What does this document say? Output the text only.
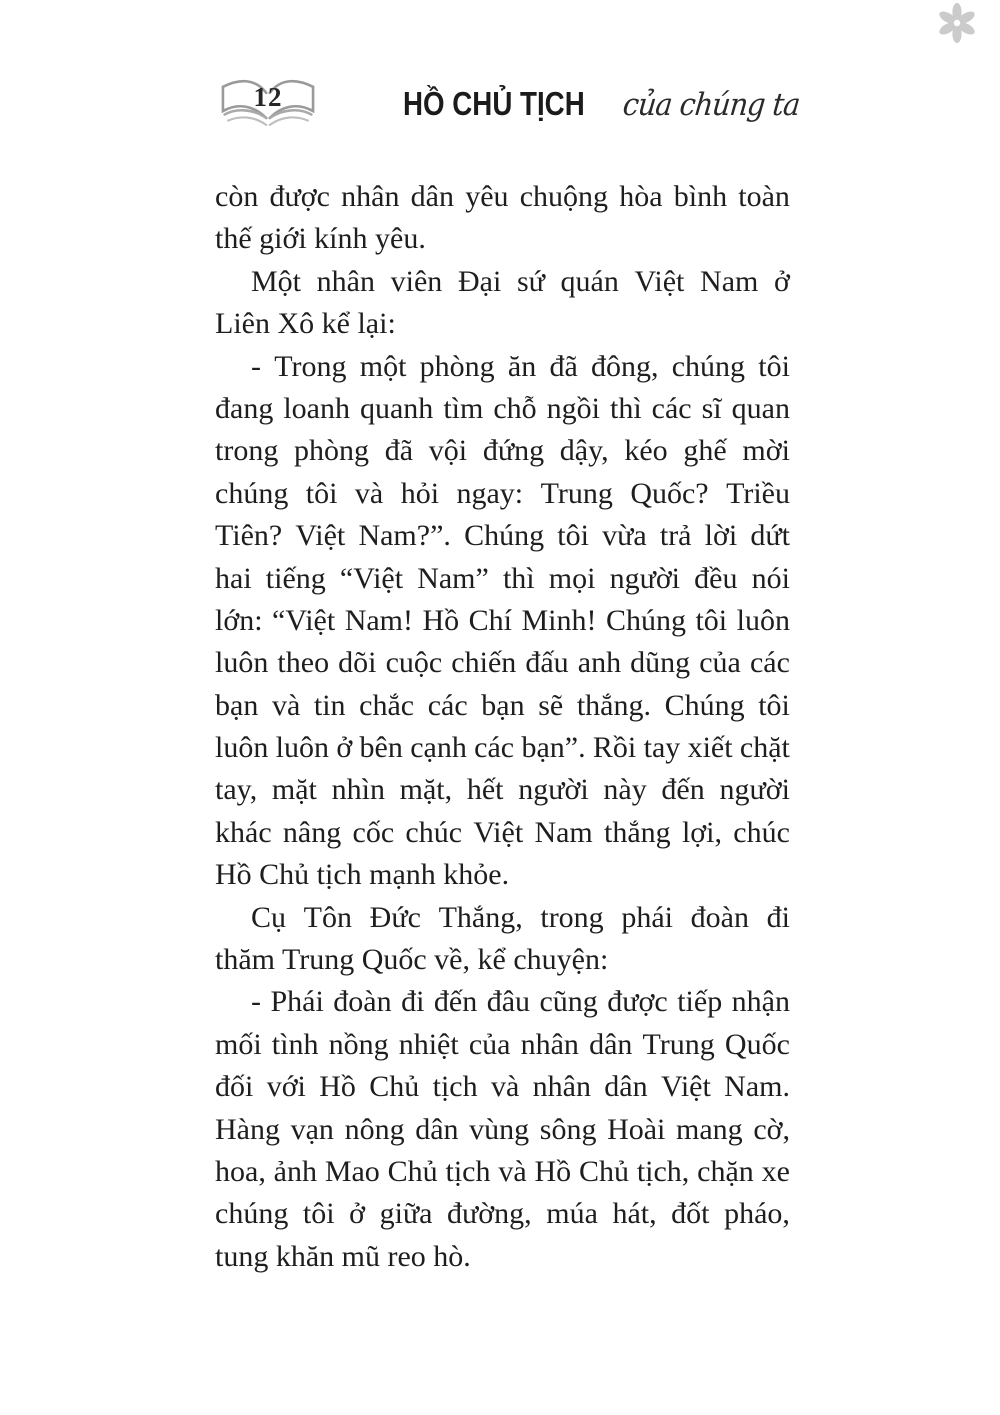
12	HỒ CHỦ TỊCH của chúng ta
còn được nhân dân yêu chuộng hòa bình toàn
thế giới kính yêu.
Một nhân viên Đại sứ quán Việt Nam ở
Liên Xô kể lại:
- Trong một phòng ăn đã đông, chúng tôi
đang loanh quanh tìm chỗ ngồi thì các sĩ quan
trong phòng đã vội đứng dậy, kéo ghế mời
chúng tôi và hỏi ngay: Trung Quốc? Triều
Tiên? Việt Nam?”. Chúng tôi vừa trả lời dứt
hai tiếng “Việt Nam” thì mọi người đều nói
lớn: “Việt Nam! Hồ Chí Minh! Chúng tôi luôn
luôn theo dõi cuộc chiến đấu anh dũng của các
bạn và tin chắc các bạn sẽ thắng. Chúng tôi
luôn luôn ở bên cạnh các bạn”. Rồi tay xiết chặt
tay, mặt nhìn mặt, hết người này đến người
khác nâng cốc chúc Việt Nam thắng lợi, chúc
Hồ Chủ tịch mạnh khỏe.
Cụ Tôn Đức Thắng, trong phái đoàn đi
thăm Trung Quốc về, kể chuyện:
- Phái đoàn đi đến đâu cũng được tiếp nhận
mối tình nồng nhiệt của nhân dân Trung Quốc
đối với Hồ Chủ tịch và nhân dân Việt Nam.
Hàng vạn nông dân vùng sông Hoài mang cờ,
hoa, ảnh Mao Chủ tịch và Hồ Chủ tịch, chặn xe
chúng tôi ở giữa đường, múa hát, đốt pháo,
tung khăn mũ reo hò.
